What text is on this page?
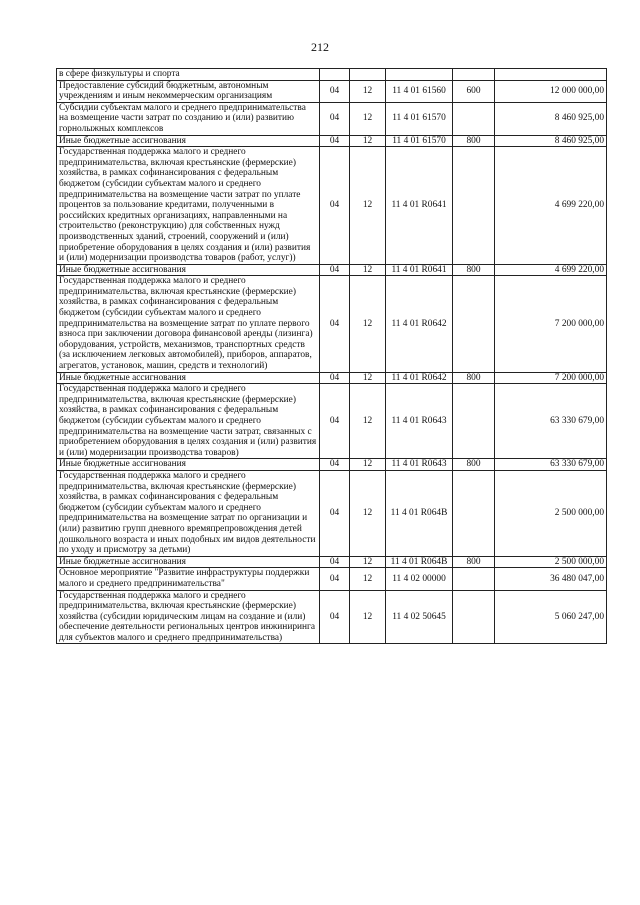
212
в сфере физкультуры и спорта					
Предоставление субсидий бюджетным, автономным учреждениям и иным некоммерческим организациям	04	12	11 4 01 61560	600	12 000 000,00
Субсидии субъектам малого и среднего предпринимательства на возмещение части затрат по созданию и (или) развитию горнолыжных комплексов	04	12	11 4 01 61570		8 460 925,00
Иные бюджетные ассигнования	04	12	11 4 01 61570	800	8 460 925,00
Государственная поддержка малого и среднего предпринимательства, включая крестьянские (фермерские) хозяйства, в рамках софинансирования с федеральным бюджетом (субсидии субъектам малого и среднего предпринимательства на возмещение части затрат по уплате процентов за пользование кредитами, полученными в российских кредитных организациях, направленными на строительство (реконструкцию) для собственных нужд производственных зданий, строений, сооружений и (или) приобретение оборудования в целях создания и (или) развития и (или) модернизации производства товаров (работ, услуг))	04	12	11 4 01 R0641		4 699 220,00
Иные бюджетные ассигнования	04	12	11 4 01 R0641	800	4 699 220,00
Государственная поддержка малого и среднего предпринимательства, включая крестьянские (фермерские) хозяйства, в рамках софинансирования с федеральным бюджетом (субсидии субъектам малого и среднего предпринимательства на возмещение затрат по уплате первого взноса при заключении договора финансовой аренды (лизинга) оборудования, устройств, механизмов, транспортных средств (за исключением легковых автомобилей), приборов, аппаратов, агрегатов, установок, машин, средств и технологий)	04	12	11 4 01 R0642		7 200 000,00
Иные бюджетные ассигнования	04	12	11 4 01 R0642	800	7 200 000,00
Государственная поддержка малого и среднего предпринимательства, включая крестьянские (фермерские) хозяйства, в рамках софинансирования с федеральным бюджетом (субсидии субъектам малого и среднего предпринимательства на возмещение части затрат, связанных с приобретением оборудования в целях создания и (или) развития и (или) модернизации производства товаров)	04	12	11 4 01 R0643		63 330 679,00
Иные бюджетные ассигнования	04	12	11 4 01 R0643	800	63 330 679,00
Государственная поддержка малого и среднего предпринимательства, включая крестьянские (фермерские) хозяйства, в рамках софинансирования с федеральным бюджетом (субсидии субъектам малого и среднего предпринимательства на возмещение затрат по организации и (или) развитию групп дневного времяпрепровождения детей дошкольного возраста и иных подобных им видов деятельности по уходу и присмотру за детьми)	04	12	11 4 01 R064В		2 500 000,00
Иные бюджетные ассигнования	04	12	11 4 01 R064В	800	2 500 000,00
Основное мероприятие "Развитие инфраструктуры поддержки малого и среднего предпринимательства"	04	12	11 4 02 00000		36 480 047,00
Государственная поддержка малого и среднего предпринимательства, включая крестьянские (фермерские) хозяйства (субсидии юридическим лицам на создание и (или) обеспечение деятельности региональных центров инжиниринга для субъектов малого и среднего предпринимательства)	04	12	11 4 02 50645		5 060 247,00
